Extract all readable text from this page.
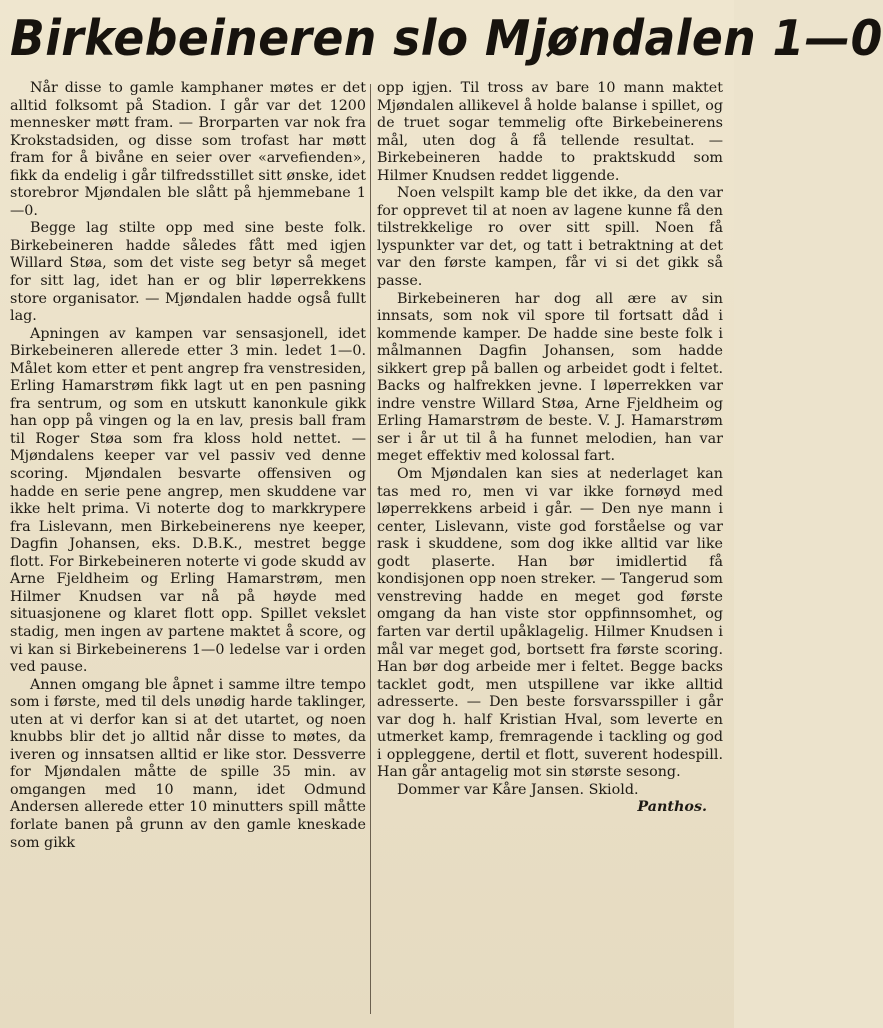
Birkebeineren slo Mjøndalen 1—0

Når disse to gamle kamphaner møtes er det alltid folksomt på Stadion. I går var det 1200 mennesker møtt fram. — Brorparten var nok fra Krokstadsiden, og disse som trofast har møtt fram for å bivåne en seier over «arvefienden», fikk da endelig i går tilfredsstillet sitt ønske, idet storebror Mjøndalen ble slått på hjemmebane 1—0.

Begge lag stilte opp med sine beste folk. Birkebeineren hadde således fått med igjen Willard Støa, som det viste seg betyr så meget for sitt lag, idet han er og blir løperrekkens store organisator. — Mjøndalen hadde også fullt lag.

Apningen av kampen var sensasjonell, idet Birkebeineren allerede etter 3 min. ledet 1—0. Målet kom etter et pent angrep fra venstresiden, Erling Hamarstrøm fikk lagt ut en pen pasning fra sentrum, og som en utskutt kanonkule gikk han opp på vingen og la en lav, presis ball fram til Roger Støa som fra kloss hold nettet. — Mjøndalens keeper var vel passiv ved denne scoring. Mjøndalen besvarte offensiven og hadde en serie pene angrep, men skuddene var ikke helt prima. Vi noterte dog to markkrypere fra Lislevann, men Birkebeinerens nye keeper, Dagfin Johansen, eks. D.B.K., mestret begge flott. For Birkebeineren noterte vi gode skudd av Arne Fjeldheim og Erling Hamarstrøm, men Hilmer Knudsen var nå på høyde med situasjonene og klaret flott opp. Spillet vekslet stadig, men ingen av partene maktet å score, og vi kan si Birkebeinerens 1—0 ledelse var i orden ved pause.

Annen omgang ble åpnet i samme iltre tempo som i første, med til dels unødig harde taklinger, uten at vi derfor kan si at det utartet, og noen knubbs blir det jo alltid når disse to møtes, da iveren og innsatsen alltid er like stor. Dessverre for Mjøndalen måtte de spille 35 min. av omgangen med 10 mann, idet Odmund Andersen allerede etter 10 minutters spill måtte forlate banen på grunn av den gamle kneskade som gikk

opp igjen. Til tross av bare 10 mann maktet Mjøndalen allikevel å holde balanse i spillet, og de truet sogar temmelig ofte Birkebeinerens mål, uten dog å få tellende resultat. — Birkebeineren hadde to praktskudd som Hilmer Knudsen reddet liggende.

Noen velspilt kamp ble det ikke, da den var for opprevet til at noen av lagene kunne få den tilstrekkelige ro over sitt spill. Noen få lyspunkter var det, og tatt i betraktning at det var den første kampen, får vi si det gikk så passe.

Birkebeineren har dog all ære av sin innsats, som nok vil spore til fortsatt dåd i kommende kamper. De hadde sine beste folk i målmannen Dagfin Johansen, som hadde sikkert grep på ballen og arbeidet godt i feltet. Backs og halfrekken jevne. I løperrekken var indre venstre Willard Støa, Arne Fjeldheim og Erling Hamarstrøm de beste. V. J. Hamarstrøm ser i år ut til å ha funnet melodien, han var meget effektiv med kolossal fart.

Om Mjøndalen kan sies at nederlaget kan tas med ro, men vi var ikke fornøyd med løperrekkens arbeid i går. — Den nye mann i center, Lislevann, viste god forståelse og var rask i skuddene, som dog ikke alltid var like godt plaserte. Han bør imidlertid få kondisjonen opp noen streker. — Tangerud som venstreving hadde en meget god første omgang da han viste stor oppfinnsomhet, og farten var dertil upåklagelig. Hilmer Knudsen i mål var meget god, bortsett fra første scoring. Han bør dog arbeide mer i feltet. Begge backs tacklet godt, men utspillene var ikke alltid adresserte. — Den beste forsvarsspiller i går var dog h. half Kristian Hval, som leverte en utmerket kamp, fremragende i tackling og god i oppleggene, dertil et flott, suverent hodespill. Han går antagelig mot sin største sesong.

Dommer var Kåre Jansen. Skiold.

Panthos.
